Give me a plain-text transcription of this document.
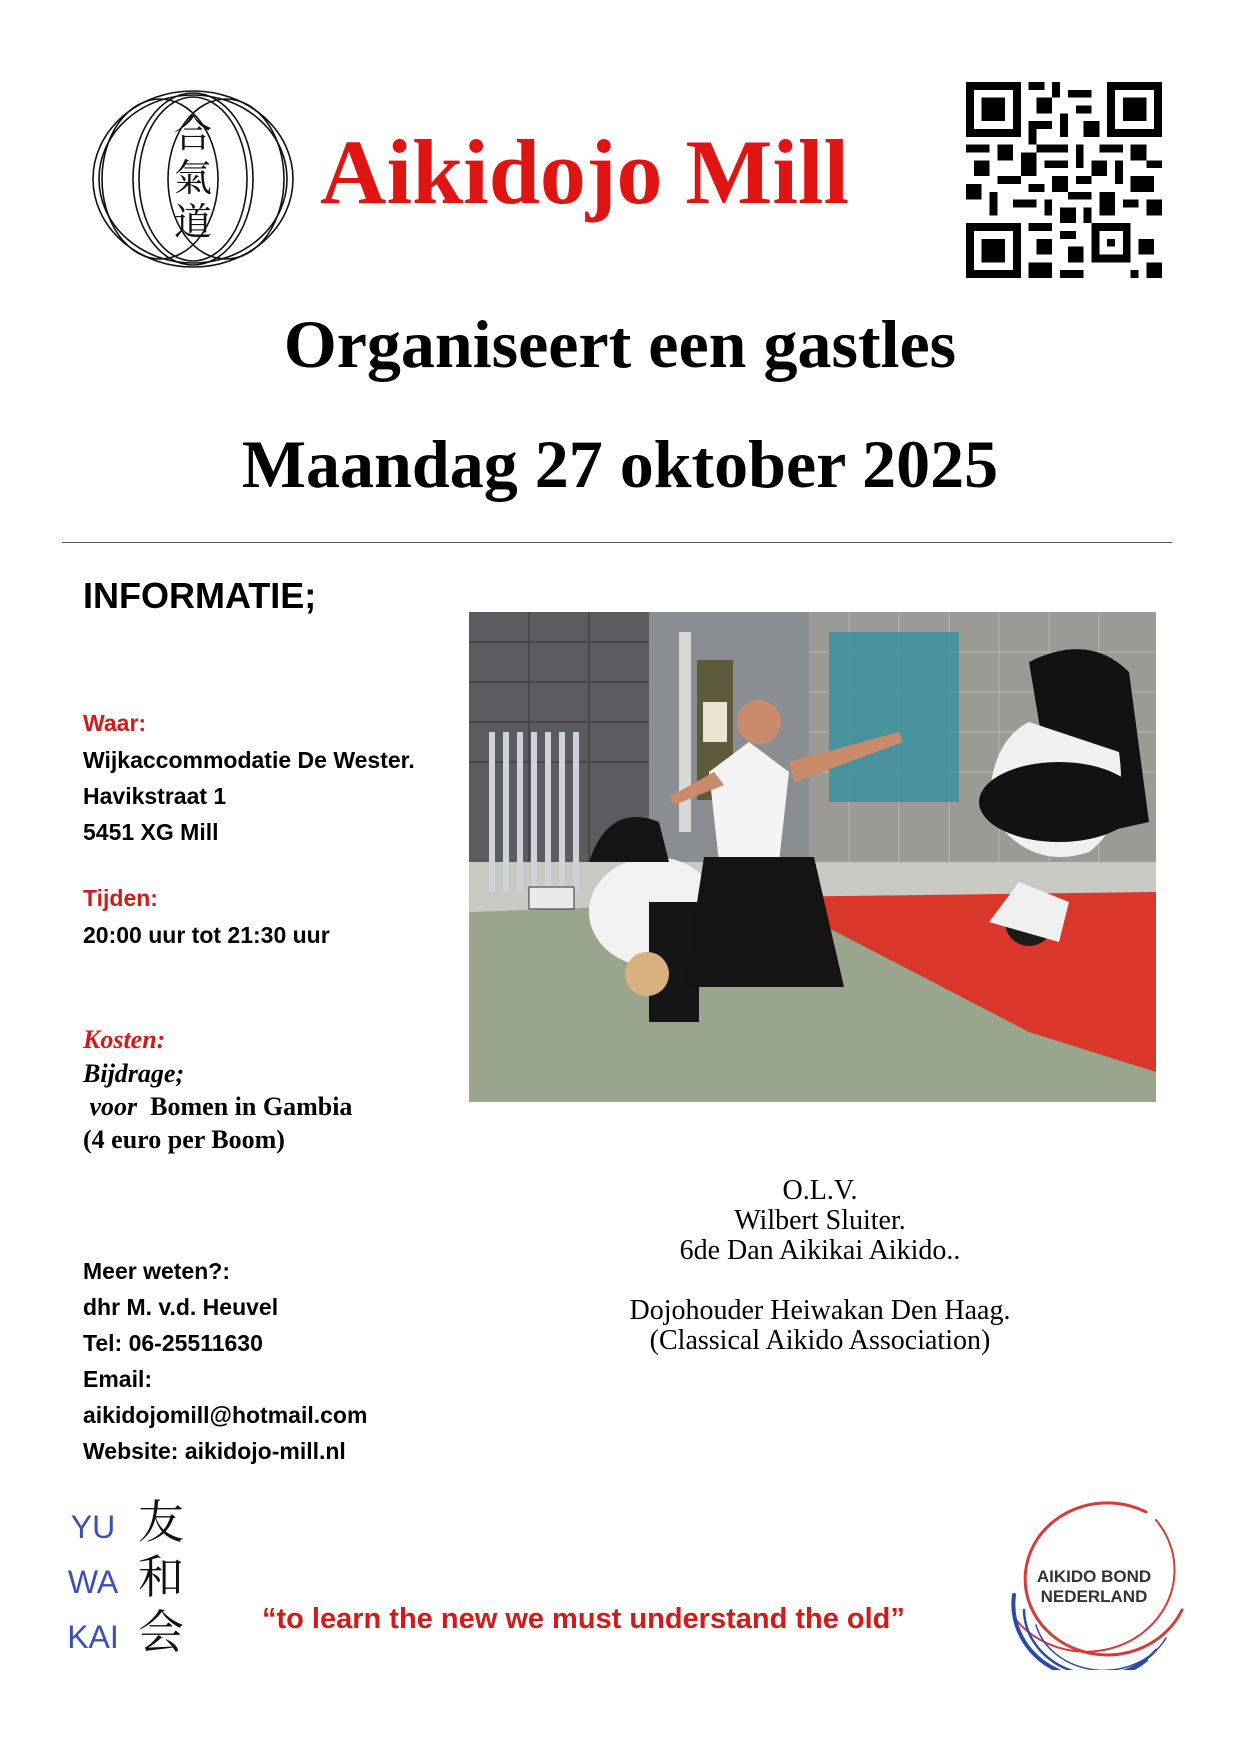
合
氣
道 Aikidojo Mill
Organiseert een gastles
Maandag 27 oktober 2025
INFORMATIE;
Waar:
Wijkaccommodatie De Wester.
Havikstraat 1
5451 XG Mill
Tijden:
20:00 uur tot 21:30 uur
Kosten:
Bijdrage;
voor Bomen in Gambia
(4 euro per Boom)
Meer weten?:
dhr M. v.d. Heuvel
Tel: 06-25511630
Email:
aikidojomill@hotmail.com
Website: aikidojo-mill.nl
O.L.V.
Wilbert Sluiter.
6de Dan Aikikai Aikido..
Dojohouder Heiwakan Den Haag.
(Classical Aikido Association)
YU
WA
KAI
友
和
会	“to learn the new we must understand the old”
AIKIDO BOND
NEDERLAND
